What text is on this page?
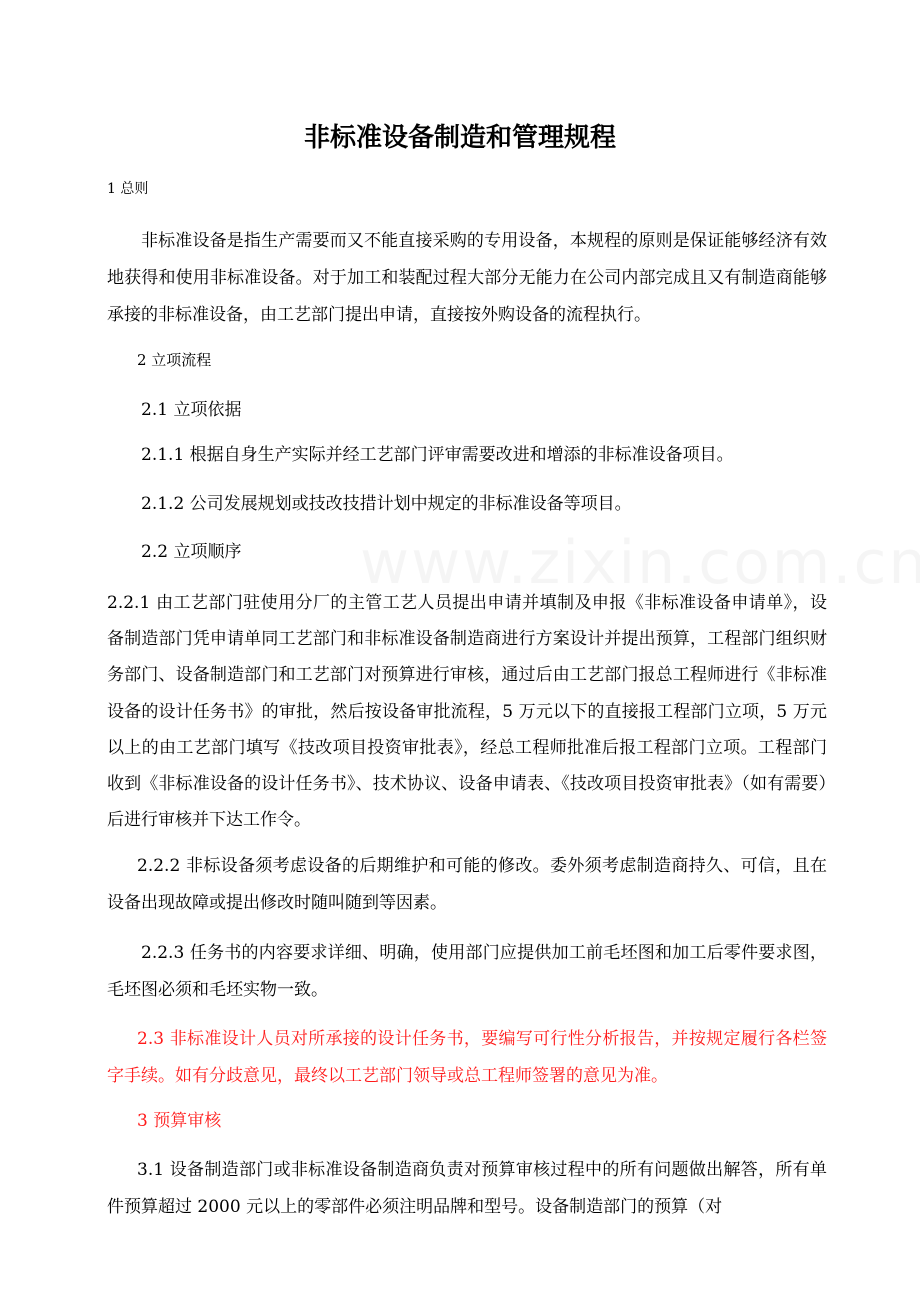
非标准设备制造和管理规程

1 总则

非标准设备是指生产需要而又不能直接采购的专用设备，本规程的原则是保证能够经济有效地获得和使用非标准设备。对于加工和装配过程大部分无能力在公司内部完成且又有制造商能够承接的非标准设备，由工艺部门提出申请，直接按外购设备的流程执行。

2 立项流程

2.1 立项依据

2.1.1 根据自身生产实际并经工艺部门评审需要改进和增添的非标准设备项目。

2.1.2 公司发展规划或技改技措计划中规定的非标准设备等项目。

2.2 立项顺序

2.2.1 由工艺部门驻使用分厂的主管工艺人员提出申请并填制及申报《非标准设备申请单》，设备制造部门凭申请单同工艺部门和非标准设备制造商进行方案设计并提出预算，工程部门组织财务部门、设备制造部门和工艺部门对预算进行审核，通过后由工艺部门报总工程师进行《非标准设备的设计任务书》的审批，然后按设备审批流程，5 万元以下的直接报工程部门立项，5 万元以上的由工艺部门填写《技改项目投资审批表》，经总工程师批准后报工程部门立项。工程部门收到《非标准设备的设计任务书》、技术协议、设备申请表、《技改项目投资审批表》（如有需要）后进行审核并下达工作令。

2.2.2 非标设备须考虑设备的后期维护和可能的修改。委外须考虑制造商持久、可信，且在设备出现故障或提出修改时随叫随到等因素。

2.2.3 任务书的内容要求详细、明确，使用部门应提供加工前毛坯图和加工后零件要求图，毛坯图必须和毛坯实物一致。

2.3 非标准设计人员对所承接的设计任务书，要编写可行性分析报告，并按规定履行各栏签字手续。如有分歧意见，最终以工艺部门领导或总工程师签署的意见为准。

3 预算审核

3.1 设备制造部门或非标准设备制造商负责对预算审核过程中的所有问题做出解答，所有单件预算超过 2000 元以上的零部件必须注明品牌和型号。设备制造部门的预算（对
